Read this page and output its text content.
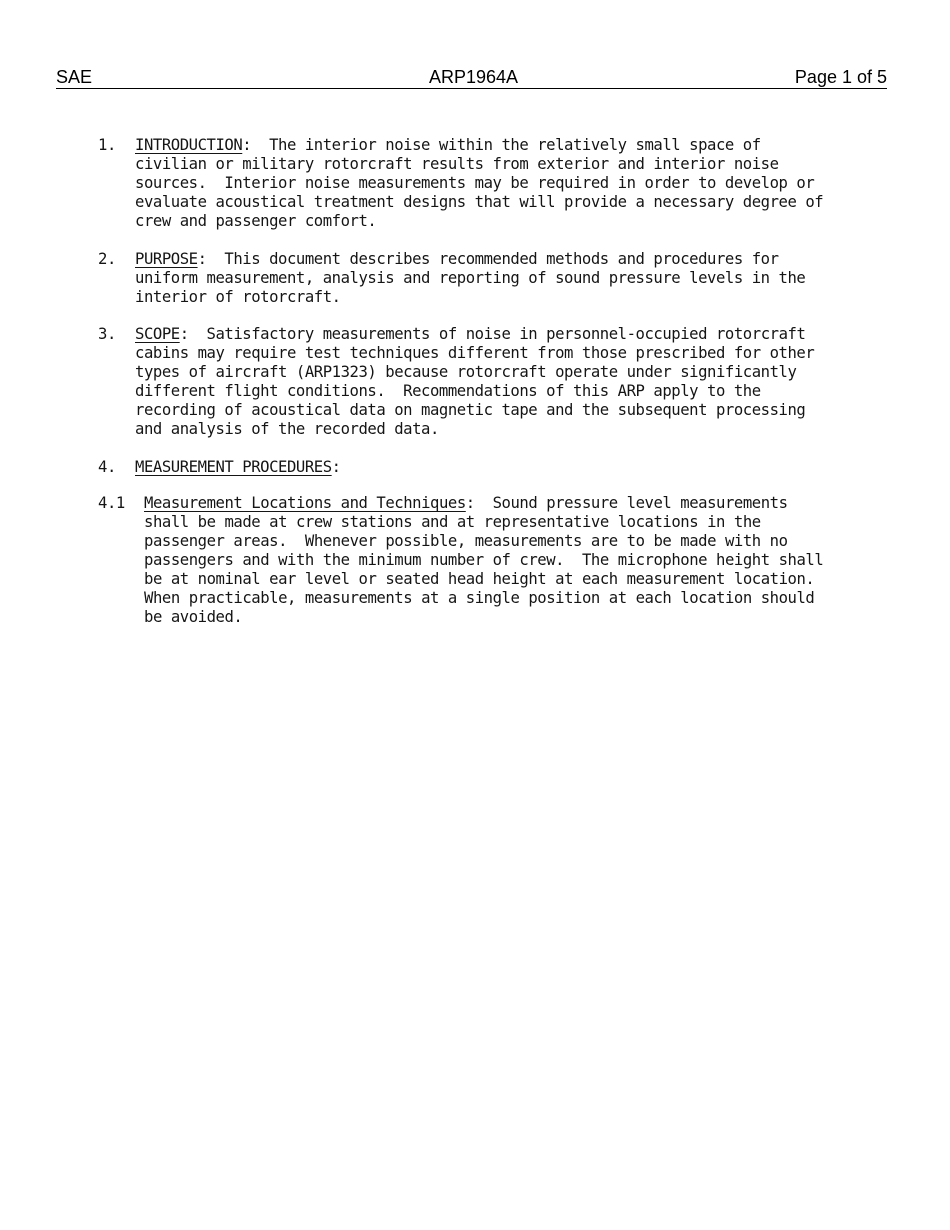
SAE	ARP1964A	Page 1 of 5
1. INTRODUCTION:  The interior noise within the relatively small space of
civilian or military rotorcraft results from exterior and interior noise
sources.  Interior noise measurements may be required in order to develop or
evaluate acoustical treatment designs that will provide a necessary degree of
crew and passenger comfort.
2. PURPOSE:  This document describes recommended methods and procedures for
uniform measurement, analysis and reporting of sound pressure levels in the
interior of rotorcraft.
3. SCOPE:  Satisfactory measurements of noise in personnel-occupied rotorcraft
cabins may require test techniques different from those prescribed for other
types of aircraft (ARP1323) because rotorcraft operate under significantly
different flight conditions.  Recommendations of this ARP apply to the
recording of acoustical data on magnetic tape and the subsequent processing
and analysis of the recorded data.
4. MEASUREMENT PROCEDURES:
4.1 Measurement Locations and Techniques:  Sound pressure level measurements
shall be made at crew stations and at representative locations in the
passenger areas.  Whenever possible, measurements are to be made with no
passengers and with the minimum number of crew.  The microphone height shall
be at nominal ear level or seated head height at each measurement location.
When practicable, measurements at a single position at each location should
be avoided.
